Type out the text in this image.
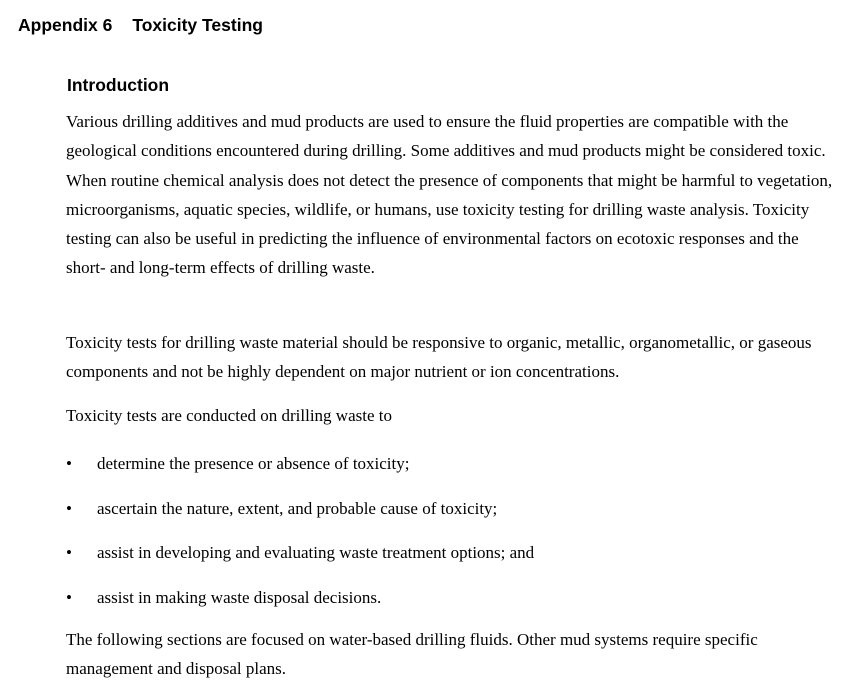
Appendix 6 Toxicity Testing
Introduction

Various drilling additives and mud products are used to ensure the fluid properties are compatible with the geological conditions encountered during drilling. Some additives and mud products might be considered toxic. When routine chemical analysis does not detect the presence of components that might be harmful to vegetation, microorganisms, aquatic species, wildlife, or humans, use toxicity testing for drilling waste analysis. Toxicity testing can also be useful in predicting the influence of environmental factors on ecotoxic responses and the short- and long-term effects of drilling waste.

Toxicity tests for drilling waste material should be responsive to organic, metallic, organometallic, or gaseous components and not be highly dependent on major nutrient or ion concentrations.

Toxicity tests are conducted on drilling waste to

•	determine the presence or absence of toxicity;
•	ascertain the nature, extent, and probable cause of toxicity;
•	assist in developing and evaluating waste treatment options; and
•	assist in making waste disposal decisions.

The following sections are focused on water-based drilling fluids. Other mud systems require specific management and disposal plans.
